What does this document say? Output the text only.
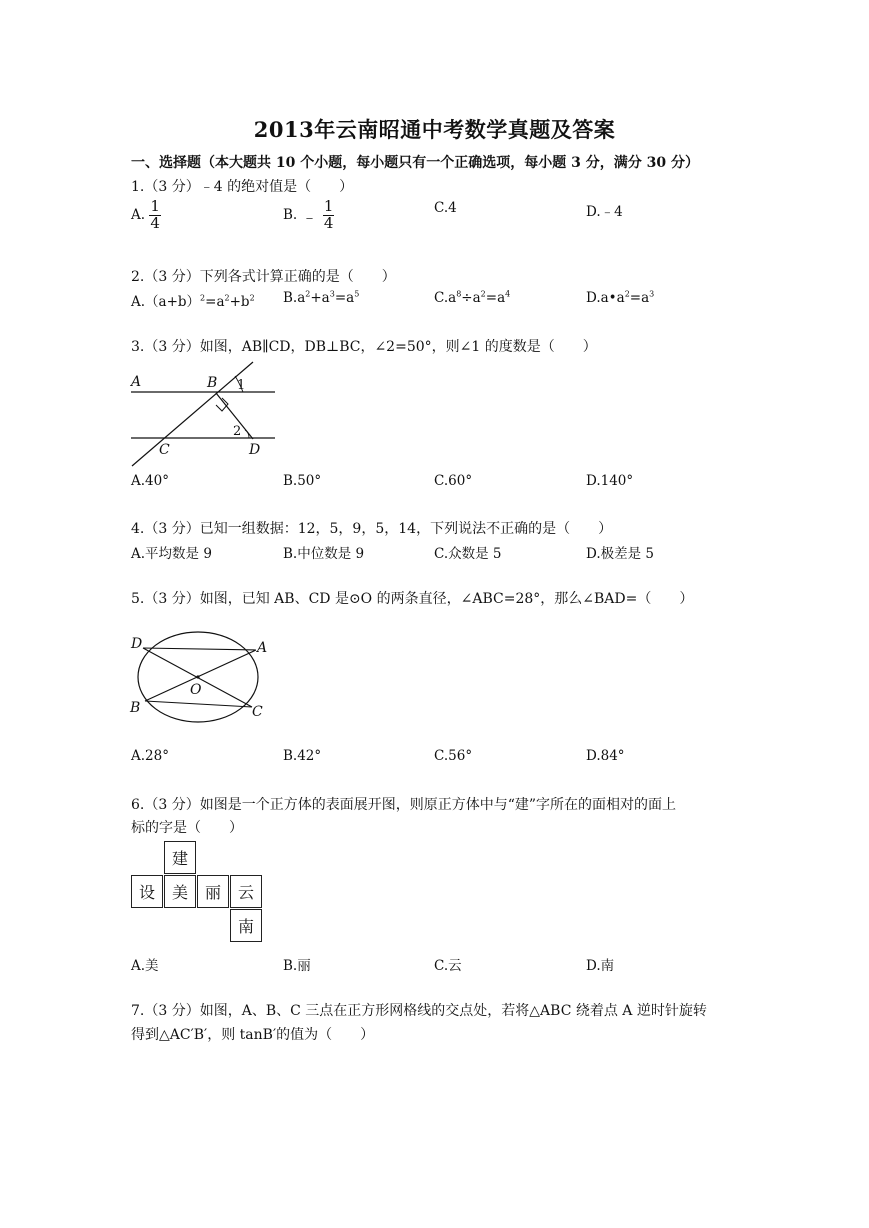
2013年云南昭通中考数学真题及答案
一、选择题（本大题共 10 个小题，每小题只有一个正确选项，每小题 3 分，满分 30 分）
1.（3 分）﹣4 的绝对值是（　　）
A. $\frac{1}{4}$	B. ﹣ $\frac{1}{4}$	C.4	D.﹣4
2.（3 分）下列各式计算正确的是（　　）
$A.(a+b)^2=a^2+b^2$ $B.a^2+a^3=a^5$	$C.a^8\div a^2=a^4$	$D.a•a^2=a^3$
3.（3 分）如图，AB∥CD，DB⊥BC，∠2=50°，则∠1 的度数是（　　）
A	B 1
2
C	D
A.40°	B.50°	C.60°	D.140°
4.（3 分）已知一组数据：12，5，9，5，14，下列说法不正确的是（　　）
A.平均数是 9	B.中位数是 9	C.众数是 5	D.极差是 5
5.（3 分）如图，已知 AB、CD 是⊙O 的两条直径，∠ABC=28°，那么∠BAD=（　　）
D	A
O
B	C
A.28°	B.42°	C.56°	D.84°
6.（3 分）如图是一个正方体的表面展开图，则原正方体中与“建”字所在的面相对的面上
标的字是（　　）
建
设	美	丽	云
南
A.美	B.丽	C.云	D.南
7.（3 分）如图，A、B、C 三点在正方形网格线的交点处，若将△ABC 绕着点 A 逆时针旋转
得到△AC′B′，则 tanB′的值为（　　）
